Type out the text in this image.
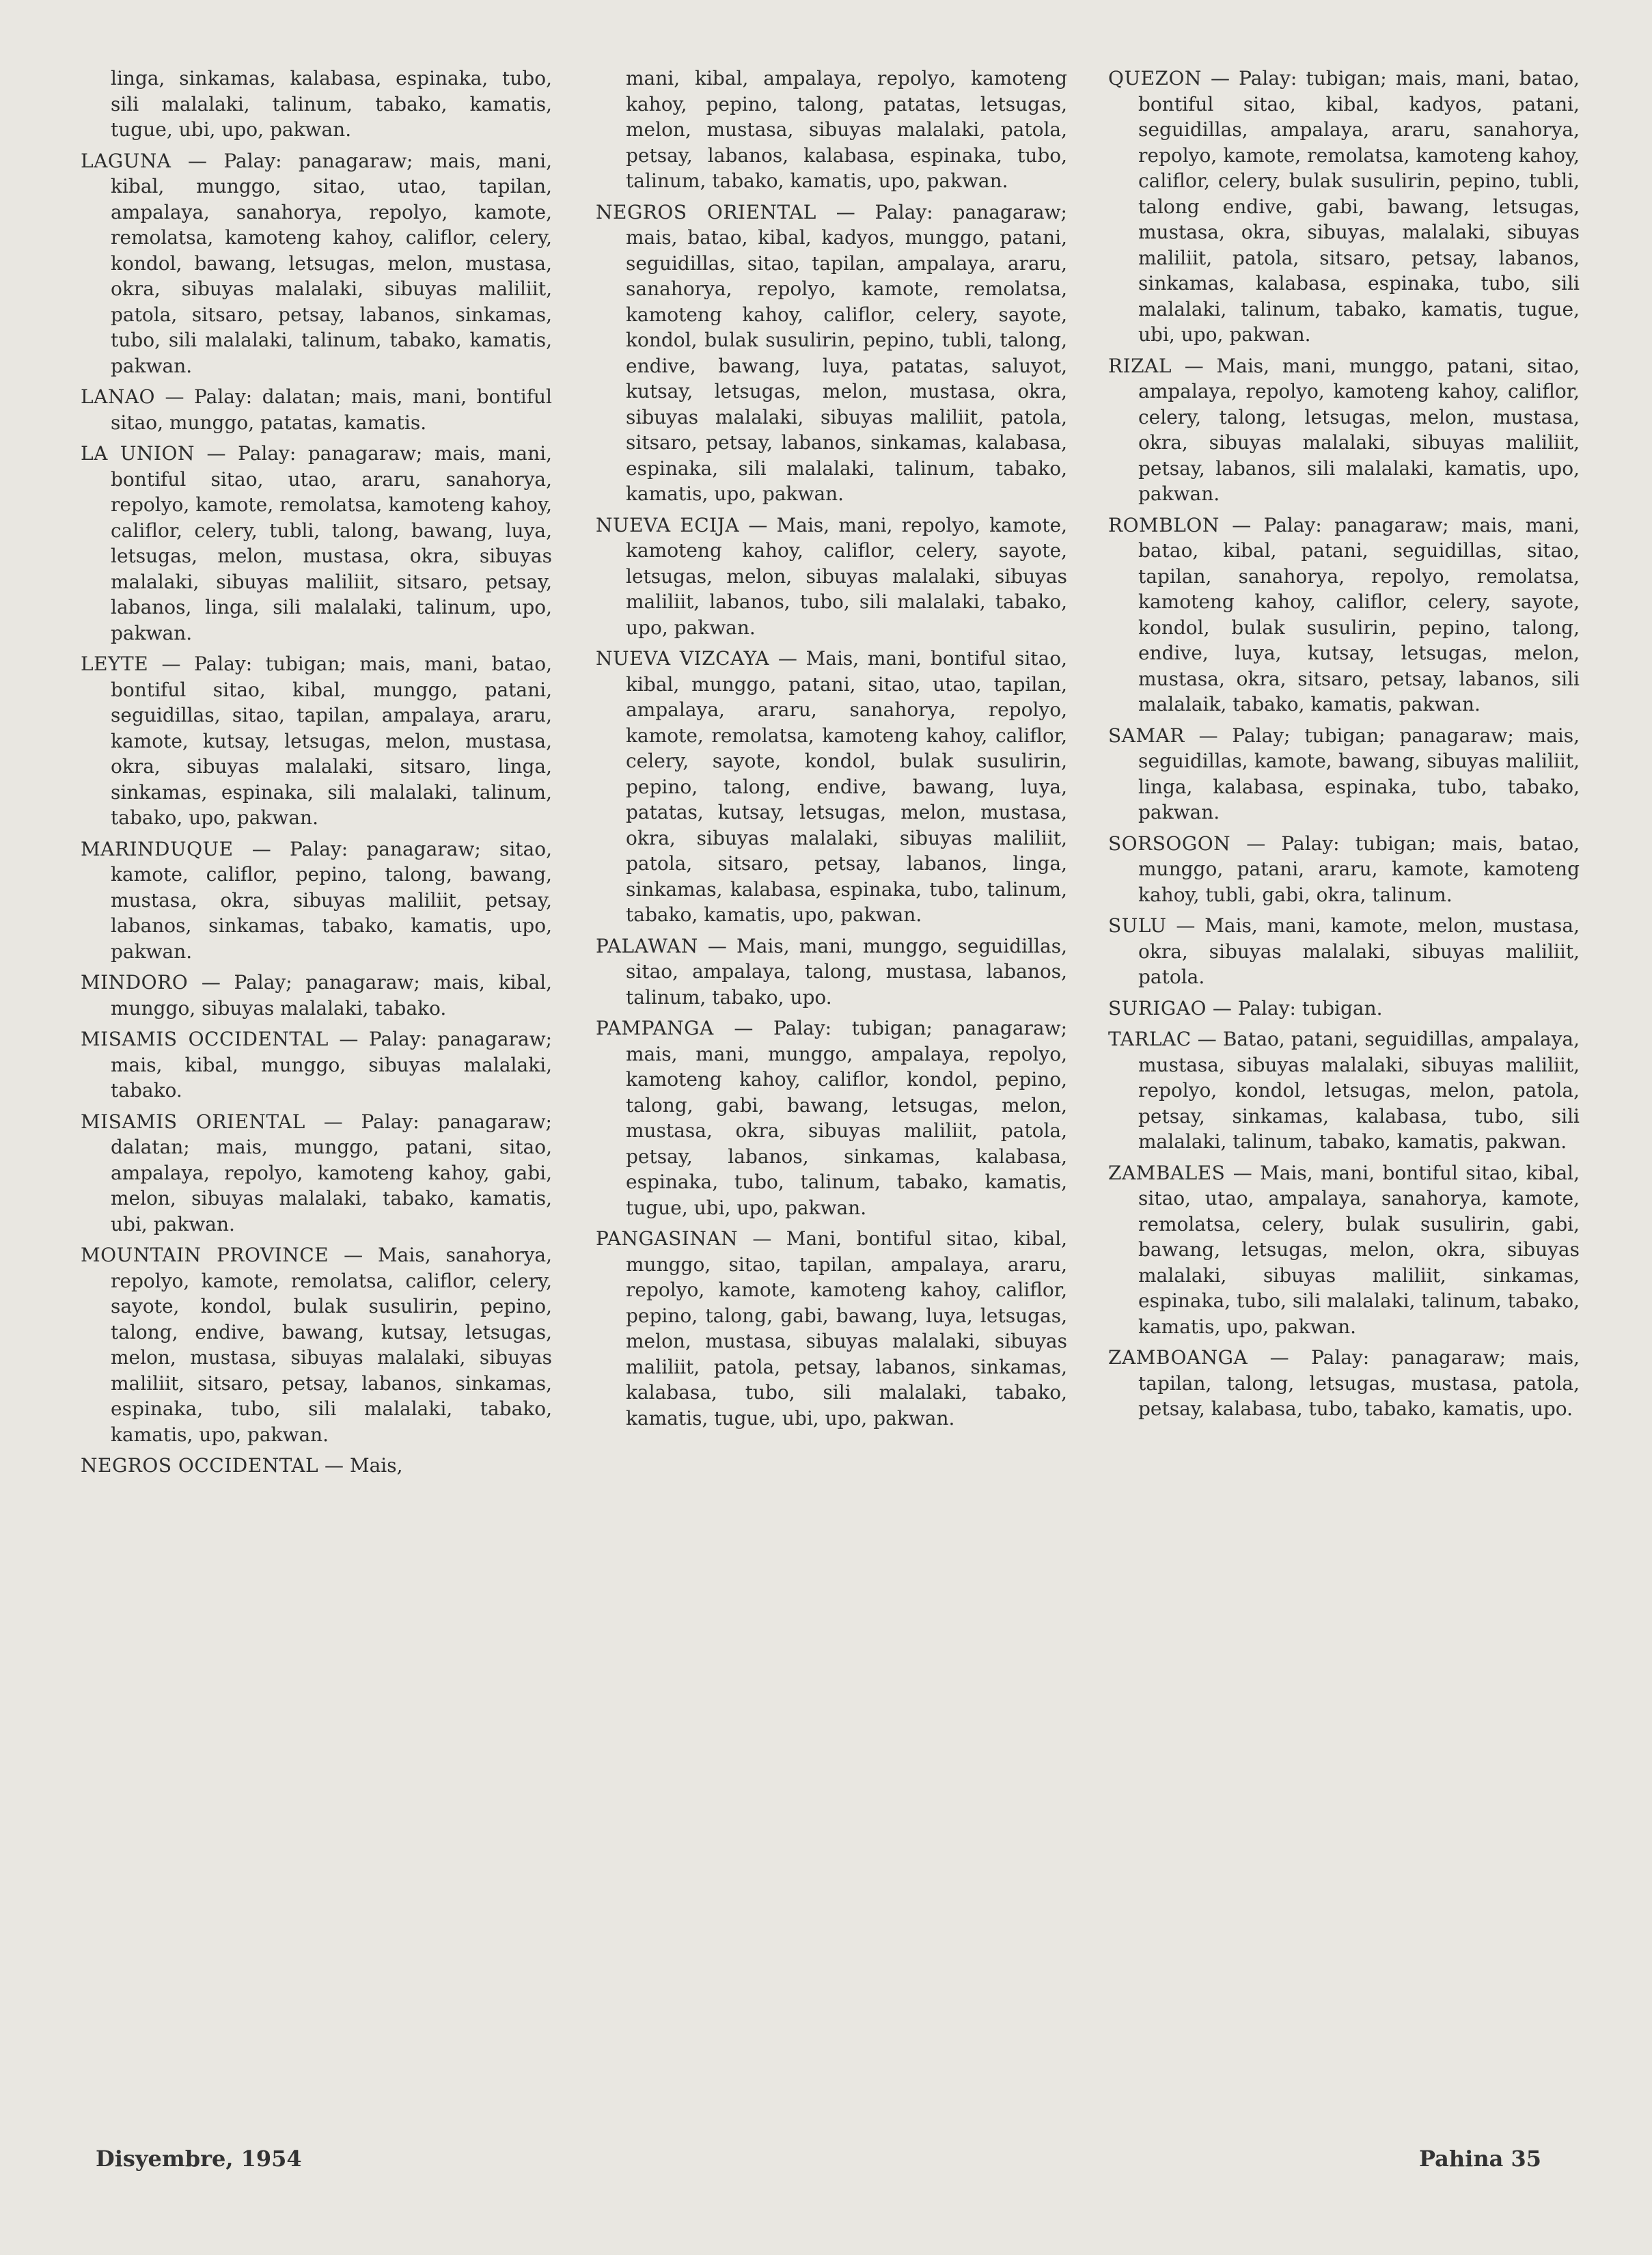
linga, sinkamas, kalabasa, espinaka, tubo, sili malalaki, talinum, tabako, kamatis, tugue, ubi, upo, pakwan.

LAGUNA — Palay: panagaraw; mais, mani, kibal, munggo, sitao, utao, tapilan, ampalaya, sanahorya, repolyo, kamote, remolatsa, kamoteng kahoy, califlor, celery, kondol, bawang, letsugas, melon, mustasa, okra, sibuyas malalaki, sibuyas maliliit, patola, sitsaro, petsay, labanos, sinkamas, tubo, sili malalaki, talinum, tabako, kamatis, pakwan.

LANAO — Palay: dalatan; mais, mani, bontiful sitao, munggo, patatas, kamatis.

LA UNION — Palay: panagaraw; mais, mani, bontiful sitao, utao, araru, sanahorya, repolyo, kamote, remolatsa, kamoteng kahoy, califlor, celery, tubli, talong, bawang, luya, letsugas, melon, mustasa, okra, sibuyas malalaki, sibuyas maliliit, sitsaro, petsay, labanos, linga, sili malalaki, talinum, upo, pakwan.

LEYTE — Palay: tubigan; mais, mani, batao, bontiful sitao, kibal, munggo, patani, seguidillas, sitao, tapilan, ampalaya, araru, kamote, kutsay, letsugas, melon, mustasa, okra, sibuyas malalaki, sitsaro, linga, sinkamas, espinaka, sili malalaki, talinum, tabako, upo, pakwan.

MARINDUQUE — Palay: panagaraw; sitao, kamote, califlor, pepino, talong, bawang, mustasa, okra, sibuyas maliliit, petsay, labanos, sinkamas, tabako, kamatis, upo, pakwan.

MINDORO — Palay; panagaraw; mais, kibal, munggo, sibuyas malalaki, tabako.

MISAMIS OCCIDENTAL — Palay: panagaraw; mais, kibal, munggo, sibuyas malalaki, tabako.

MISAMIS ORIENTAL — Palay: panagaraw; dalatan; mais, munggo, patani, sitao, ampalaya, repolyo, kamoteng kahoy, gabi, melon, sibuyas malalaki, tabako, kamatis, ubi, pakwan.

MOUNTAIN PROVINCE — Mais, sanahorya, repolyo, kamote, remolatsa, califlor, celery, sayote, kondol, bulak susulirin, pepino, talong, endive, bawang, kutsay, letsugas, melon, mustasa, sibuyas malalaki, sibuyas maliliit, sitsaro, petsay, labanos, sinkamas, espinaka, tubo, sili malalaki, tabako, kamatis, upo, pakwan.

NEGROS OCCIDENTAL — Mais,

mani, kibal, ampalaya, repolyo, kamoteng kahoy, pepino, talong, patatas, letsugas, melon, mustasa, sibuyas malalaki, patola, petsay, labanos, kalabasa, espinaka, tubo, talinum, tabako, kamatis, upo, pakwan.

NEGROS ORIENTAL — Palay: panagaraw; mais, batao, kibal, kadyos, munggo, patani, seguidillas, sitao, tapilan, ampalaya, araru, sanahorya, repolyo, kamote, remolatsa, kamoteng kahoy, califlor, celery, sayote, kondol, bulak susulirin, pepino, tubli, talong, endive, bawang, luya, patatas, saluyot, kutsay, letsugas, melon, mustasa, okra, sibuyas malalaki, sibuyas maliliit, patola, sitsaro, petsay, labanos, sinkamas, kalabasa, espinaka, sili malalaki, talinum, tabako, kamatis, upo, pakwan.

NUEVA ECIJA — Mais, mani, repolyo, kamote, kamoteng kahoy, califlor, celery, sayote, letsugas, melon, sibuyas malalaki, sibuyas maliliit, labanos, tubo, sili malalaki, tabako, upo, pakwan.

NUEVA VIZCAYA — Mais, mani, bontiful sitao, kibal, munggo, patani, sitao, utao, tapilan, ampalaya, araru, sanahorya, repolyo, kamote, remolatsa, kamoteng kahoy, califlor, celery, sayote, kondol, bulak susulirin, pepino, talong, endive, bawang, luya, patatas, kutsay, letsugas, melon, mustasa, okra, sibuyas malalaki, sibuyas maliliit, patola, sitsaro, petsay, labanos, linga, sinkamas, kalabasa, espinaka, tubo, talinum, tabako, kamatis, upo, pakwan.

PALAWAN — Mais, mani, munggo, seguidillas, sitao, ampalaya, talong, mustasa, labanos, talinum, tabako, upo.

PAMPANGA — Palay: tubigan; panagaraw; mais, mani, munggo, ampalaya, repolyo, kamoteng kahoy, califlor, kondol, pepino, talong, gabi, bawang, letsugas, melon, mustasa, okra, sibuyas maliliit, patola, petsay, labanos, sinkamas, kalabasa, espinaka, tubo, talinum, tabako, kamatis, tugue, ubi, upo, pakwan.

PANGASINAN — Mani, bontiful sitao, kibal, munggo, sitao, tapilan, ampalaya, araru, repolyo, kamote, kamoteng kahoy, califlor, pepino, talong, gabi, bawang, luya, letsugas, melon, mustasa, sibuyas malalaki, sibuyas maliliit, patola, petsay, labanos, sinkamas, kalabasa, tubo, sili malalaki, tabako, kamatis, tugue, ubi, upo, pakwan.

QUEZON — Palay: tubigan; mais, mani, batao, bontiful sitao, kibal, kadyos, patani, seguidillas, ampalaya, araru, sanahorya, repolyo, kamote, remolatsa, kamoteng kahoy, califlor, celery, bulak susulirin, pepino, tubli, talong endive, gabi, bawang, letsugas, mustasa, okra, sibuyas, malalaki, sibuyas maliliit, patola, sitsaro, petsay, labanos, sinkamas, kalabasa, espinaka, tubo, sili malalaki, talinum, tabako, kamatis, tugue, ubi, upo, pakwan.

RIZAL — Mais, mani, munggo, patani, sitao, ampalaya, repolyo, kamoteng kahoy, califlor, celery, talong, letsugas, melon, mustasa, okra, sibuyas malalaki, sibuyas maliliit, petsay, labanos, sili malalaki, kamatis, upo, pakwan.

ROMBLON — Palay: panagaraw; mais, mani, batao, kibal, patani, seguidillas, sitao, tapilan, sanahorya, repolyo, remolatsa, kamoteng kahoy, califlor, celery, sayote, kondol, bulak susulirin, pepino, talong, endive, luya, kutsay, letsugas, melon, mustasa, okra, sitsaro, petsay, labanos, sili malalaik, tabako, kamatis, pakwan.

SAMAR — Palay; tubigan; panagaraw; mais, seguidillas, kamote, bawang, sibuyas maliliit, linga, kalabasa, espinaka, tubo, tabako, pakwan.

SORSOGON — Palay: tubigan; mais, batao, munggo, patani, araru, kamote, kamoteng kahoy, tubli, gabi, okra, talinum.

SULU — Mais, mani, kamote, melon, mustasa, okra, sibuyas malalaki, sibuyas maliliit, patola.

SURIGAO — Palay: tubigan.

TARLAC — Batao, patani, seguidillas, ampalaya, mustasa, sibuyas malalaki, sibuyas maliliit, repolyo, kondol, letsugas, melon, patola, petsay, sinkamas, kalabasa, tubo, sili malalaki, talinum, tabako, kamatis, pakwan.

ZAMBALES — Mais, mani, bontiful sitao, kibal, sitao, utao, ampalaya, sanahorya, kamote, remolatsa, celery, bulak susulirin, gabi, bawang, letsugas, melon, okra, sibuyas malalaki, sibuyas maliliit, sinkamas, espinaka, tubo, sili malalaki, talinum, tabako, kamatis, upo, pakwan.

ZAMBOANGA — Palay: panagaraw; mais, tapilan, talong, letsugas, mustasa, patola, petsay, kalabasa, tubo, tabako, kamatis, upo.

Disyembre, 1954	Pahina 35
